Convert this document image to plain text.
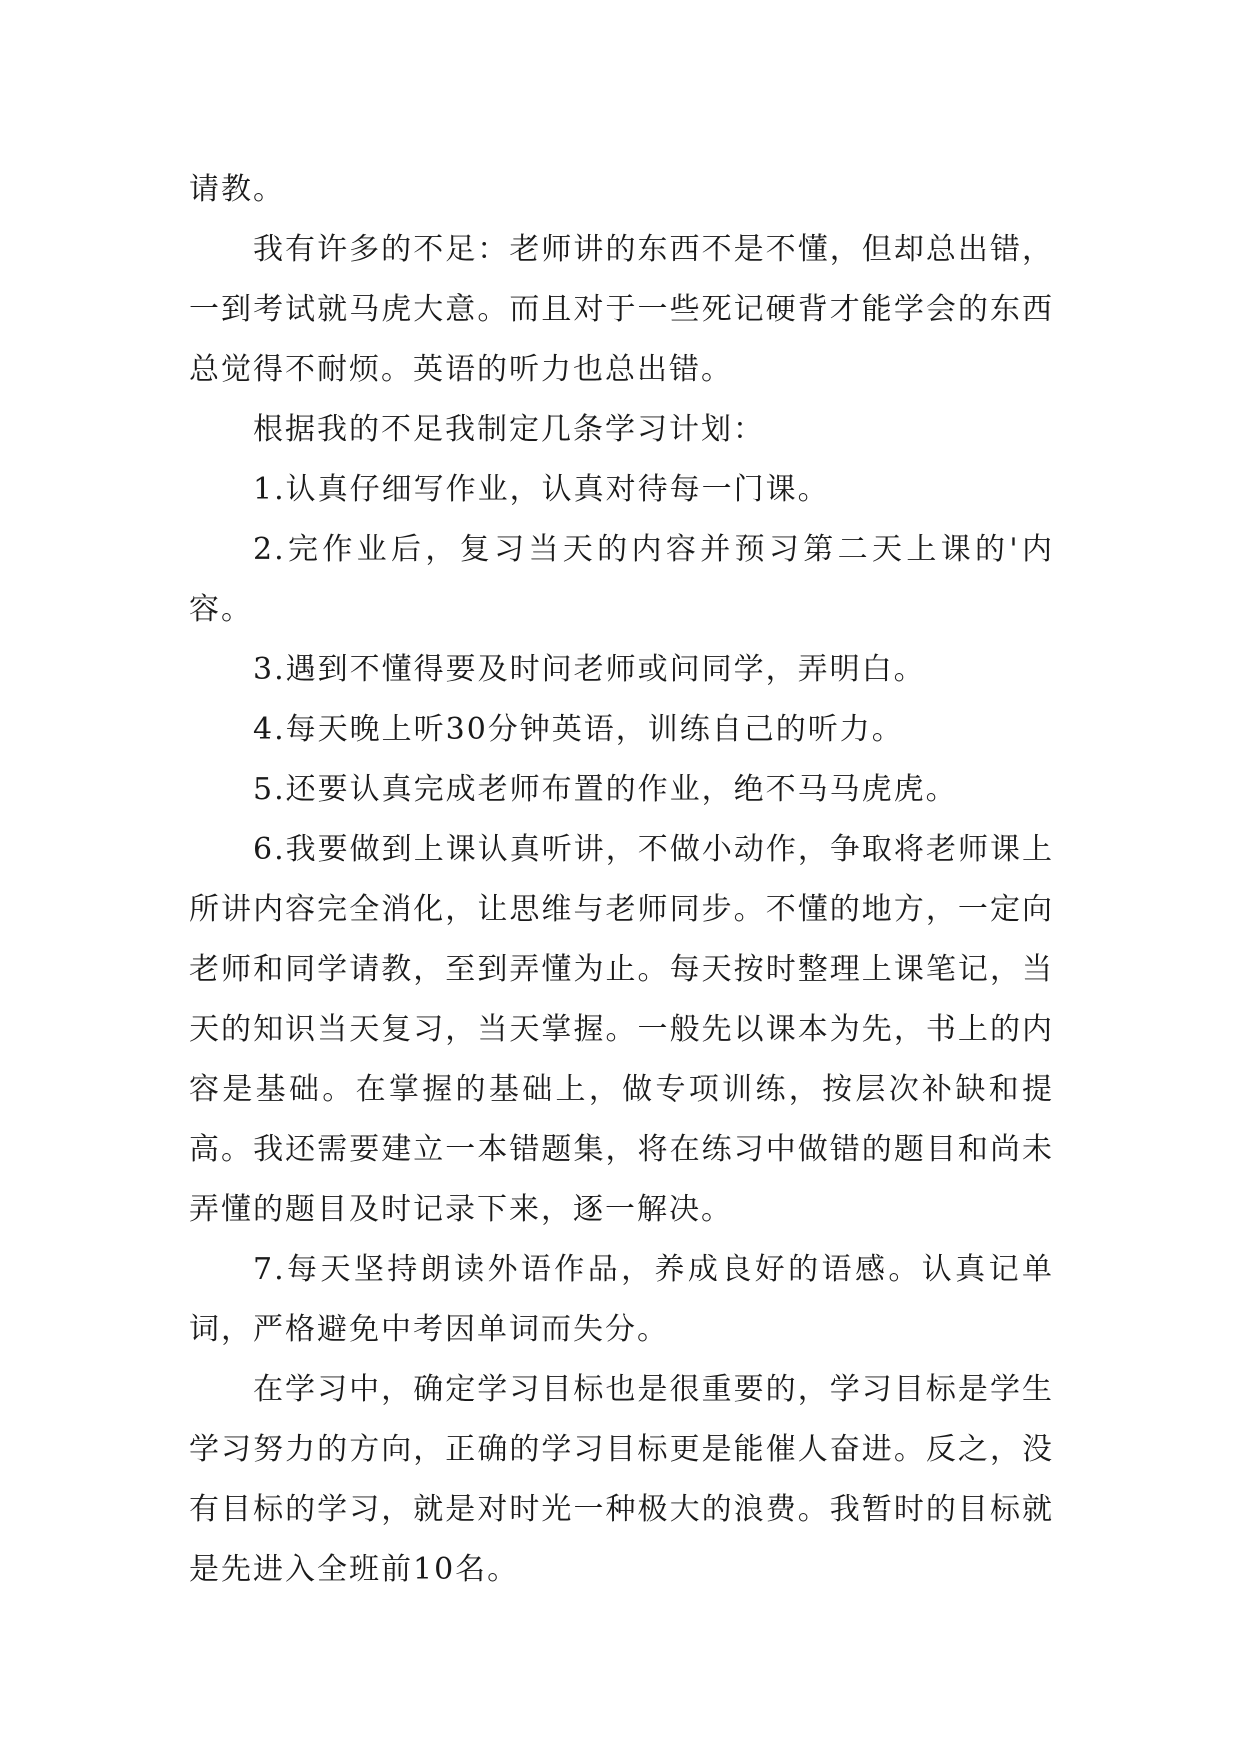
请教。

我有许多的不足：老师讲的东西不是不懂，但却总出错，一到考试就马虎大意。而且对于一些死记硬背才能学会的东西总觉得不耐烦。英语的听力也总出错。

根据我的不足我制定几条学习计划：

1.认真仔细写作业，认真对待每一门课。

2.完作业后，复习当天的内容并预习第二天上课的'内容。

3.遇到不懂得要及时问老师或问同学，弄明白。

4.每天晚上听30分钟英语，训练自己的听力。

5.还要认真完成老师布置的作业，绝不马马虎虎。

6.我要做到上课认真听讲，不做小动作，争取将老师课上所讲内容完全消化，让思维与老师同步。不懂的地方，一定向老师和同学请教，至到弄懂为止。每天按时整理上课笔记，当天的知识当天复习，当天掌握。一般先以课本为先，书上的内容是基础。在掌握的基础上，做专项训练，按层次补缺和提高。我还需要建立一本错题集，将在练习中做错的题目和尚未弄懂的题目及时记录下来，逐一解决。

7.每天坚持朗读外语作品，养成良好的语感。认真记单词，严格避免中考因单词而失分。

在学习中，确定学习目标也是很重要的，学习目标是学生学习努力的方向，正确的学习目标更是能催人奋进。反之，没有目标的学习，就是对时光一种极大的浪费。我暂时的目标就是先进入全班前10名。
